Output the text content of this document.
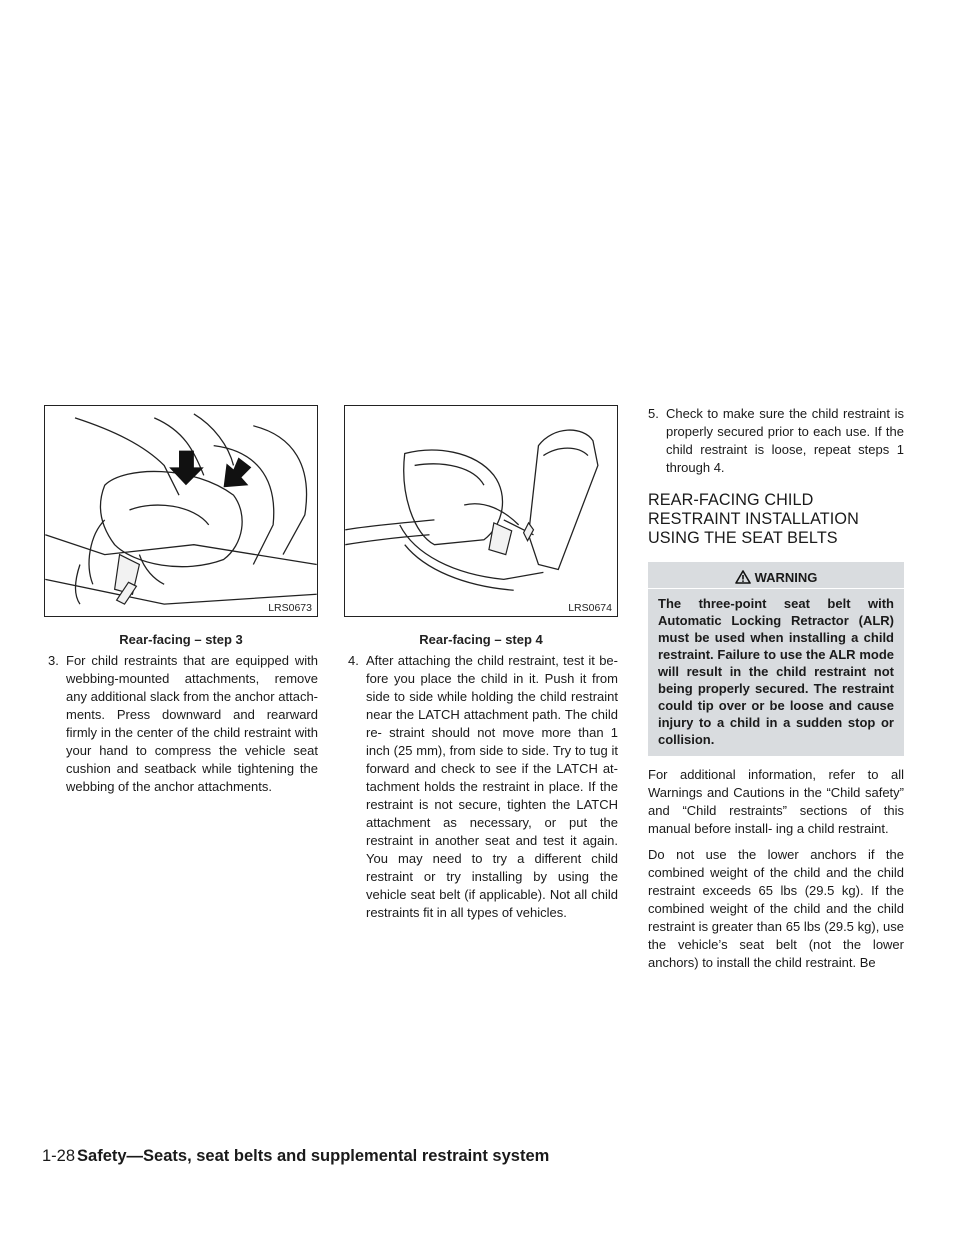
LRS0673
Rear-facing – step 3
LRS0674
Rear-facing – step 4
3. For child restraints that are equipped with webbing-mounted attachments, remove any additional slack from the anchor attach- ments. Press downward and rearward firmly in the center of the child restraint with your hand to compress the vehicle seat cushion and seatback while tightening the webbing of the anchor attachments.
4. After attaching the child restraint, test it be- fore you place the child in it. Push it from side to side while holding the child restraint near the LATCH attachment path. The child re- straint should not move more than 1 inch (25 mm), from side to side. Try to tug it forward and check to see if the LATCH at- tachment holds the restraint in place. If the restraint is not secure, tighten the LATCH attachment as necessary, or put the restraint in another seat and test it again. You may need to try a different child restraint or try installing by using the vehicle seat belt (if applicable). Not all child restraints fit in all types of vehicles.
5. Check to make sure the child restraint is properly secured prior to each use. If the child restraint is loose, repeat steps 1 through 4.
REAR-FACING CHILD RESTRAINT INSTALLATION USING THE SEAT BELTS
WARNING
The three-point seat belt with Automatic Locking Retractor (ALR) must be used when installing a child restraint. Failure to use the ALR mode will result in the child restraint not being properly secured. The restraint could tip over or be loose and cause injury to a child in a sudden stop or collision.
For additional information, refer to all Warnings and Cautions in the “Child safety” and “Child restraints” sections of this manual before install- ing a child restraint.
Do not use the lower anchors if the combined weight of the child and the child restraint exceeds 65 lbs (29.5 kg). If the combined weight of the child and the child restraint is greater than 65 lbs (29.5 kg), use the vehicle’s seat belt (not the lower anchors) to install the child restraint. Be
1-28 Safety—Seats, seat belts and supplemental restraint system
